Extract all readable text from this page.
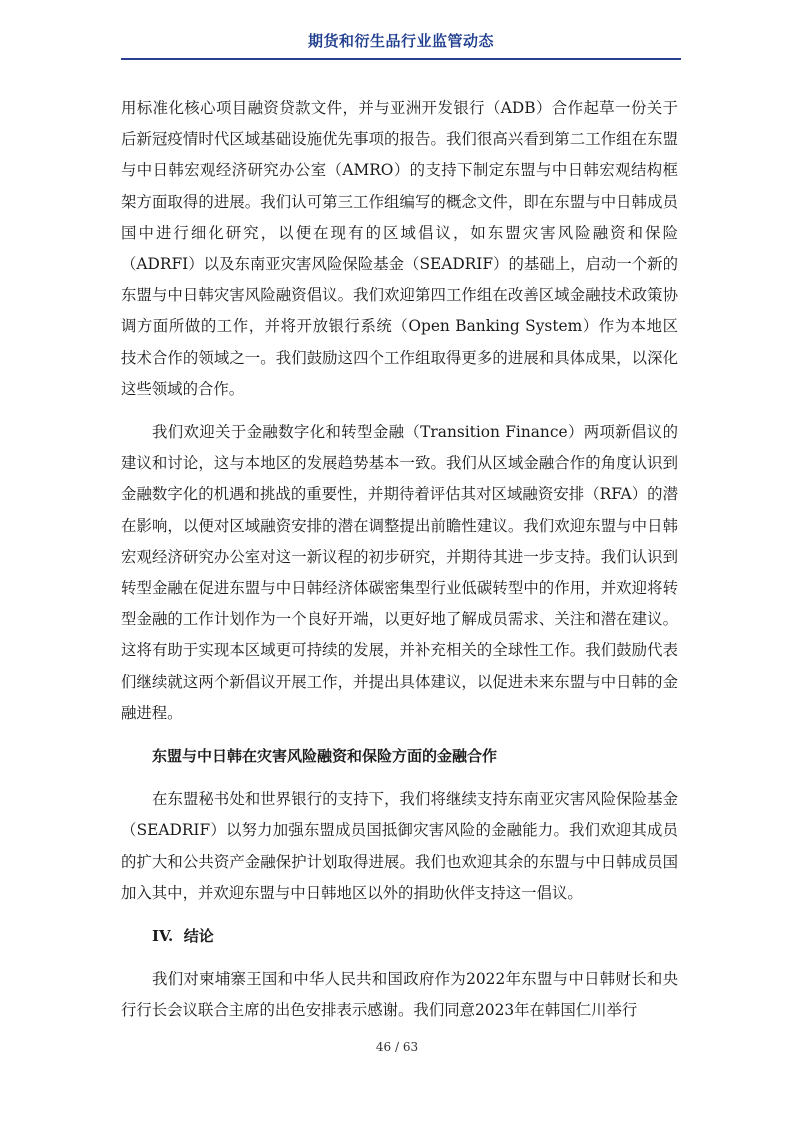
期货和衍生品行业监管动态

用标准化核心项目融资贷款文件，并与亚洲开发银行（ADB）合作起草一份关于后新冠疫情时代区域基础设施优先事项的报告。我们很高兴看到第二工作组在东盟与中日韩宏观经济研究办公室（AMRO）的支持下制定东盟与中日韩宏观结构框架方面取得的进展。我们认可第三工作组编写的概念文件，即在东盟与中日韩成员国中进行细化研究，以便在现有的区域倡议，如东盟灾害风险融资和保险（ADRFI）以及东南亚灾害风险保险基金（SEADRIF）的基础上，启动一个新的东盟与中日韩灾害风险融资倡议。我们欢迎第四工作组在改善区域金融技术政策协调方面所做的工作，并将开放银行系统（Open Banking System）作为本地区技术合作的领域之一。我们鼓励这四个工作组取得更多的进展和具体成果，以深化这些领域的合作。

我们欢迎关于金融数字化和转型金融（Transition Finance）两项新倡议的建议和讨论，这与本地区的发展趋势基本一致。我们从区域金融合作的角度认识到金融数字化的机遇和挑战的重要性，并期待着评估其对区域融资安排（RFA）的潜在影响，以便对区域融资安排的潜在调整提出前瞻性建议。我们欢迎东盟与中日韩宏观经济研究办公室对这一新议程的初步研究，并期待其进一步支持。我们认识到转型金融在促进东盟与中日韩经济体碳密集型行业低碳转型中的作用，并欢迎将转型金融的工作计划作为一个良好开端，以更好地了解成员需求、关注和潜在建议。这将有助于实现本区域更可持续的发展，并补充相关的全球性工作。我们鼓励代表们继续就这两个新倡议开展工作，并提出具体建议，以促进未来东盟与中日韩的金融进程。

东盟与中日韩在灾害风险融资和保险方面的金融合作

在东盟秘书处和世界银行的支持下，我们将继续支持东南亚灾害风险保险基金（SEADRIF）以努力加强东盟成员国抵御灾害风险的金融能力。我们欢迎其成员的扩大和公共资产金融保护计划取得进展。我们也欢迎其余的东盟与中日韩成员国加入其中，并欢迎东盟与中日韩地区以外的捐助伙伴支持这一倡议。

IV. 结论

我们对柬埔寨王国和中华人民共和国政府作为2022年东盟与中日韩财长和央行行长会议联合主席的出色安排表示感谢。我们同意2023年在韩国仁川举行

46 / 63
